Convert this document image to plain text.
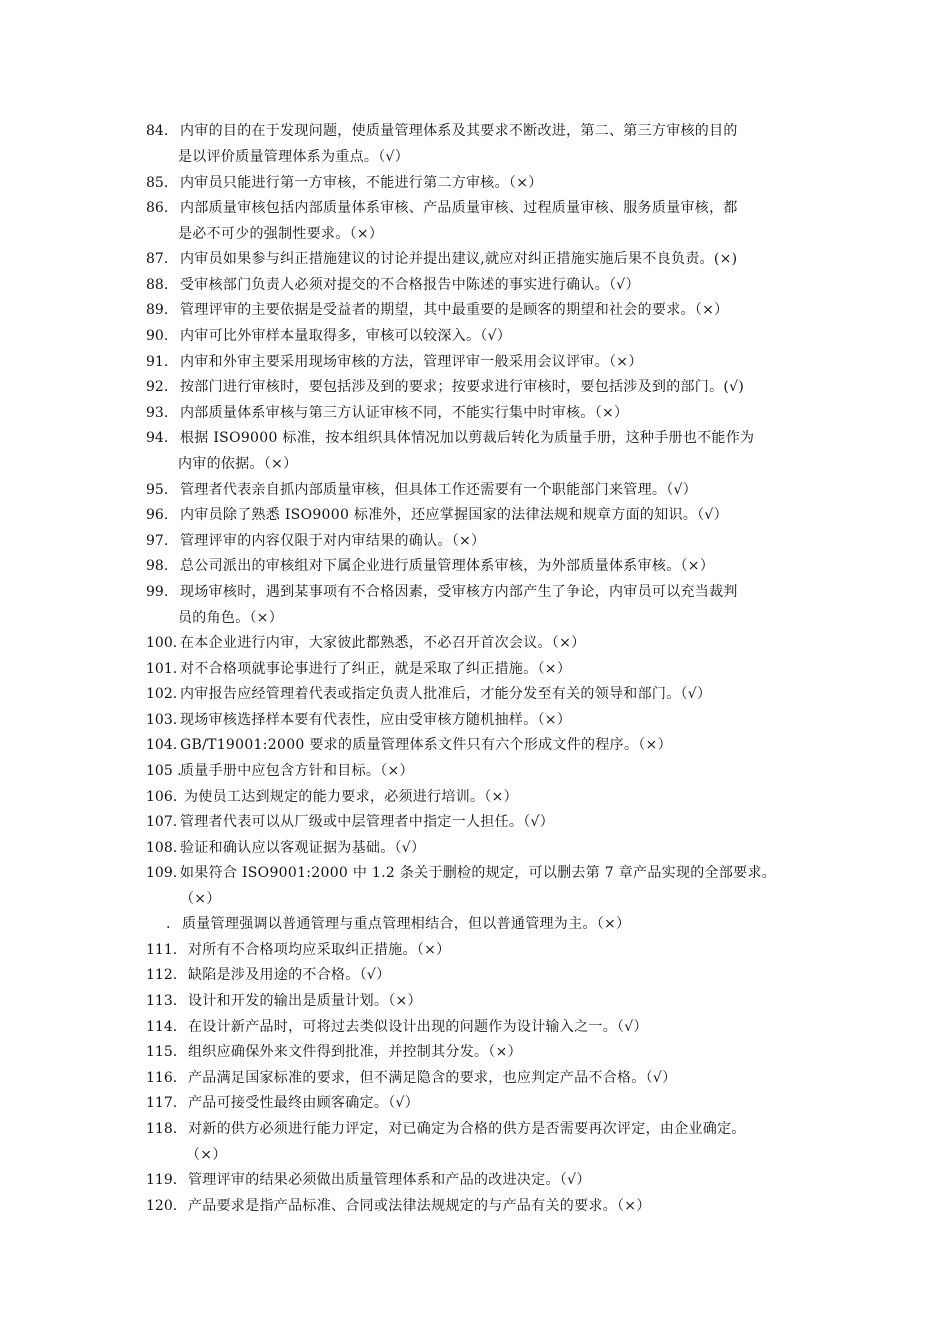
84. 内审的目的在于发现问题，使质量管理体系及其要求不断改进，第二、第三方审核的目的
是以评价质量管理体系为重点。（√）
85. 内审员只能进行第一方审核，不能进行第二方审核。（×）
86. 内部质量审核包括内部质量体系审核、产品质量审核、过程质量审核、服务质量审核，都
是必不可少的强制性要求。（×）
87. 内审员如果参与纠正措施建议的讨论并提出建议,就应对纠正措施实施后果不良负责。(×)
88. 受审核部门负责人必须对提交的不合格报告中陈述的事实进行确认。（√）
89. 管理评审的主要依据是受益者的期望，其中最重要的是顾客的期望和社会的要求。（×）
90. 内审可比外审样本量取得多，审核可以较深入。（√）
91. 内审和外审主要采用现场审核的方法，管理评审一般采用会议评审。（×）
92. 按部门进行审核时，要包括涉及到的要求；按要求进行审核时，要包括涉及到的部门。(√)
93. 内部质量体系审核与第三方认证审核不同，不能实行集中时审核。（×）
94. 根据 ISO9000 标准，按本组织具体情况加以剪裁后转化为质量手册，这种手册也不能作为
内审的依据。（×）
95. 管理者代表亲自抓内部质量审核，但具体工作还需要有一个职能部门来管理。（√）
96. 内审员除了熟悉 ISO9000 标准外，还应掌握国家的法律法规和规章方面的知识。（√）
97. 管理评审的内容仅限于对内审结果的确认。（×）
98. 总公司派出的审核组对下属企业进行质量管理体系审核，为外部质量体系审核。（×）
99. 现场审核时，遇到某事项有不合格因素，受审核方内部产生了争论，内审员可以充当裁判
员的角色。（×）
100. 在本企业进行内审，大家彼此都熟悉，不必召开首次会议。（×）
101. 对不合格项就事论事进行了纠正，就是采取了纠正措施。（×）
102. 内审报告应经管理着代表或指定负责人批准后，才能分发至有关的领导和部门。（√）
103. 现场审核选择样本要有代表性，应由受审核方随机抽样。（×）
104. GB/T19001:2000 要求的质量管理体系文件只有六个形成文件的程序。（×）
105 .
质量手册中应包含方针和目标。（×）
106. 为使员工达到规定的能力要求，必须进行培训。（×）
107. 管理者代表可以从厂级或中层管理者中指定一人担任。（√）
108. 验证和确认应以客观证据为基础。（√）
109. 如果符合 ISO9001:2000 中 1.2 条关于删检的规定，可以删去第 7 章产品实现的全部要求。
（×）
. 质量管理强调以普通管理与重点管理相结合，但以普通管理为主。（×）
111. 对所有不合格项均应采取纠正措施。（×）
112. 缺陷是涉及用途的不合格。（√）
113. 设计和开发的输出是质量计划。（×）
114. 在设计新产品时，可将过去类似设计出现的问题作为设计输入之一。（√）
115. 组织应确保外来文件得到批准，并控制其分发。（×）
116. 产品满足国家标准的要求，但不满足隐含的要求，也应判定产品不合格。（√）
117. 产品可接受性最终由顾客确定。（√）
118. 对新的供方必须进行能力评定，对已确定为合格的供方是否需要再次评定，由企业确定。
（×）
119. 管理评审的结果必须做出质量管理体系和产品的改进决定。（√）
120. 产品要求是指产品标准、合同或法律法规规定的与产品有关的要求。（×）
